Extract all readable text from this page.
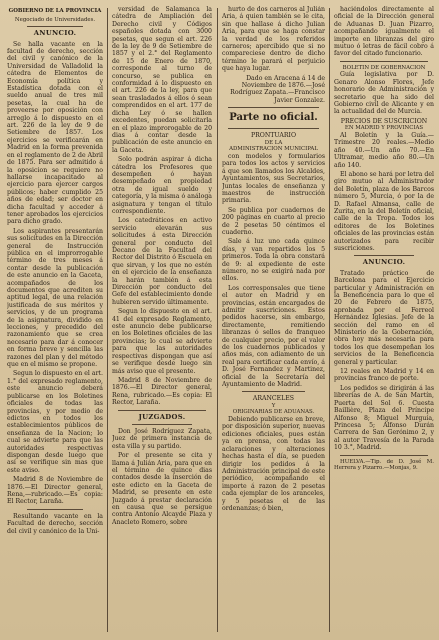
GOBIERNO DE LA PROVINCIA
Negociado de Universidades.
ANUNCIO.

Se halla vacante en la facultad de derecho, sección del civil y canónico de la Universidad de Valladolid la cátedra de Elementos de Economía política y Estadística dotada con el sueldo anual de tres mil pesetas, la cual ha de proveerse por oposición con arreglo á lo dispuesto en el art. 226 de la ley de 9 de Setiembre de 1857. Los ejercicios se verificarán en Madrid en la forma prevenida en el reglamento de 2 de Abril de 1875. Para ser admitido á la oposicion se requiere no hallarse incapacitado al ejercicio para ejercer cargos públicos; haber cumplido 25 años de edad; ser doctor en dicha facultad y acceder á tener aprobados los ejercicios para dicho grado.

Los aspirantes presentarán sus solicitudes en la Dirección general de Instrucción pública en el improrrogable término de tres meses á contar desde la publicación de este anuncio en la Gaceta, acompañados de los documentos que acrediten su aptitud legal, de una relación justificada de sus méritos y servicios, y de un programa de la asignatura, dividido en lecciones, y precedido del razonamiento que se crea necesario para dar á conocer en forma breve y sencilla las razones del plan y del método que en el mismo se propone.

Segun lo dispuesto en el art. 1.° del expresado reglamento, este anuncio deberá publicarse en los Boletines oficiales de todas las provincias, y por medio de edictos en todos los establecimientos públicos de enseñanza de la Nacion; lo cual se advierte para que las autoridades respectivas dispongan desde luego que así se verifique sin mas que este aviso.

Madrid 8 de Noviembre de 1876.—El Director general, Rena,—rubricado.—Es copia: El Rector, Laraña.

Resultando vacante en la Facultad de derecho, sección del civil y canónico de la Uni-

versidad de Salamanca la cátedra de Ampliación del Derecho civil y Códigos españoles dotada con 3000 pesetas, que segun el art. 226 de la ley de 9 de Setiembre de 1857 y el 2.° del Reglamento de 15 de Enero de 1870, corresponde al turno de concurso, se publica en conformidad á lo dispuesto en el art. 226 de la ley, para que sean trasladados á ellos ó sean comprendidos en el art. 177 de dicha Ley ó se hallen excedentes, puedan solicitarla en el plazo improrogable de 20 dias á contar desde la publicación de este anuncio en la Gaceta.

Solo podrán aspirar á dicha cátedra los Profesores que desempeñen ó hayan desempeñado en propiedad otra de igual sueldo y categoría, y la misma ó análoga asignatura y tengan el título correspondiente.

Los catedráticos en activo servicio elevarán sus solicitudes á esta Dirección general por conducto del Decano de la Facultad del Rector del Distrito ó Escuela en que sirvan, y los que no estén en el ejercicio de la enseñanza la harán también á esta Dirección por conducto del Gefe del establecimiento donde hubieren servido últimamente.

Segun lo dispuesto en el art. 41 del expresado Reglamento, este anuncio debe publicarse en los Boletines oficiales de las provincias; lo cual se advierte para que las autoridades respectivas dispongan que así se verifique desde luego sin más aviso que el presente.

Madrid 8 de Noviembre de 1876.—El Director general, Rena, rubricado.—Es copia: El Rector, Laraña.

JUZGADOS.

Don José Rodríguez Zapata, Juez de primera instancia de esta villa y su partido.

Por el presente se cita y llama á Julián Aria, para que en el término de quince dias contados desde la inserción de este edicto en la Gaceta de Madrid, se presente en este Juzgado á prestar declaración en causa que se persigue contra Antonio Alcayde Plaza y Anacleto Romero, sobre

hurto de dos carneros al Julián Aria, á quien también se le cita, sin que hallase á dicho Julian Aria, para que se haga constar la verdad de los referidos carneros; apercibido que si no compareciese dentro de dicho término le parará el perjuicio que haya lugar.

Dado en Aracena á 14 de Noviembre de 1876.—José Rodríguez Zapata.—Francisco Javier Gonzalez.

Parte no oficial.
PRONTUARIO
DE LA
ADMINISTRACION MUNICIPAL

con modelos y formularios para todos los actos y servicios á que son llamados los Alcaldes, Ayuntamientos, sus Secretarios, Juntas locales de enseñanza y maestros de instrucción primaria.

Se publica por cuadernos de 200 páginas en cuarto al precio de 2 pesetas 50 céntimos el cuaderno.

Sale á luz uno cada quince días, y van repartidos los 5 primeros. Toda la obra constará de 9: al expediente de este número, no se exigirá nada por ellos.

Los corresponsales que tiene el autor en Madrid y en provincias, están encargados de admitir suscriciones. Estos pedidos hacerse, sin embargo, directamente, remitiendo libranzas ó sellos de franqueo de cualquier precio, por el valor de los cuadernos publicados y años más, con adiamento de un real para certificar cada envío, á D. José Fernandez y Martinez, oficial de la Secretaría del Ayuntamiento de Madrid.

ARANCELES
Y
ORIGINARIAS DE ADUANAS.

Debiendo publicarse en breve, por disposición superior, nuevas ediciones oficiales, pues están ya en prensa, con todas las aclaraciones y alteraciones hechas hasta el día, se pueden dirigir los pedidos á la Administración principal de este periódico, acompañando el importe á razon de 2 pesetas cada ejemplar de los aranceles, y 5 pesetas el de las ordenanzas; ó bien,

haciéndolos directamente al oficial de la Dirección general de Aduanas D. Juan Pizarro, acompañando igualmente el importe en libranzas del giro mutuo ó letras de fácil cobro á favor del citado funcionario.

BOLETIN DE GOBERNACION

Guía legislativa por D. Genaro Alonso Flores, Jefe honorario de Administración y secretario que ha sido del Gobierno civil de Alicante y en la actualidad del de Murcia.

PRECIOS DE SUSCRICION
EN MADRID Y PROVINCIAS

Al Boletín y la Guía.—Trimestre 20 reales.—Medio año 40.—Un año 70.—En Ultramar, medio año 80.—Un año 140.

El abono se hará por letra del giro mutuo al Administrador del Boletín, plaza de los Barcos número 5, Murcia, ó por la de D. Rafael Almansa, calle de Zurita, en la del Boletín oficial, calle de la Tropa. Todos los editores de los Boletines oficiales de las provincias están autorizados para recibir suscriciones.

ANUNCIO.

Tratado práctico de Barcelona para el Ejercicio particular y Administración en la Beneficencia para lo que el 20 de Febrero de 1875, aprobada por el Ferreol Hernández Iglesias. Jefe de la sección del ramo en el Ministerio de la Gobernación, obra hoy más necesaria para todos los que desempeñan los servicios de la Beneficencia general y particular.

12 reales en Madrid y 14 en provincias franco de porte.

Los pedidos se dirigirán á las librerías de A. de San Martín, Puerta del Sol 6. Cuesta Baillière, Plaza del Príncipe Alfonso 8; Miguel Murguía, Princesa 5; Alfonso Durán Carrera de San Gerónimo 2, y al autor Travesía de la Parada 10 3.°, Madrid.

HUELVA.—Tip. de D. José M. Herrera y Pizarro.—Monjas, 9.
